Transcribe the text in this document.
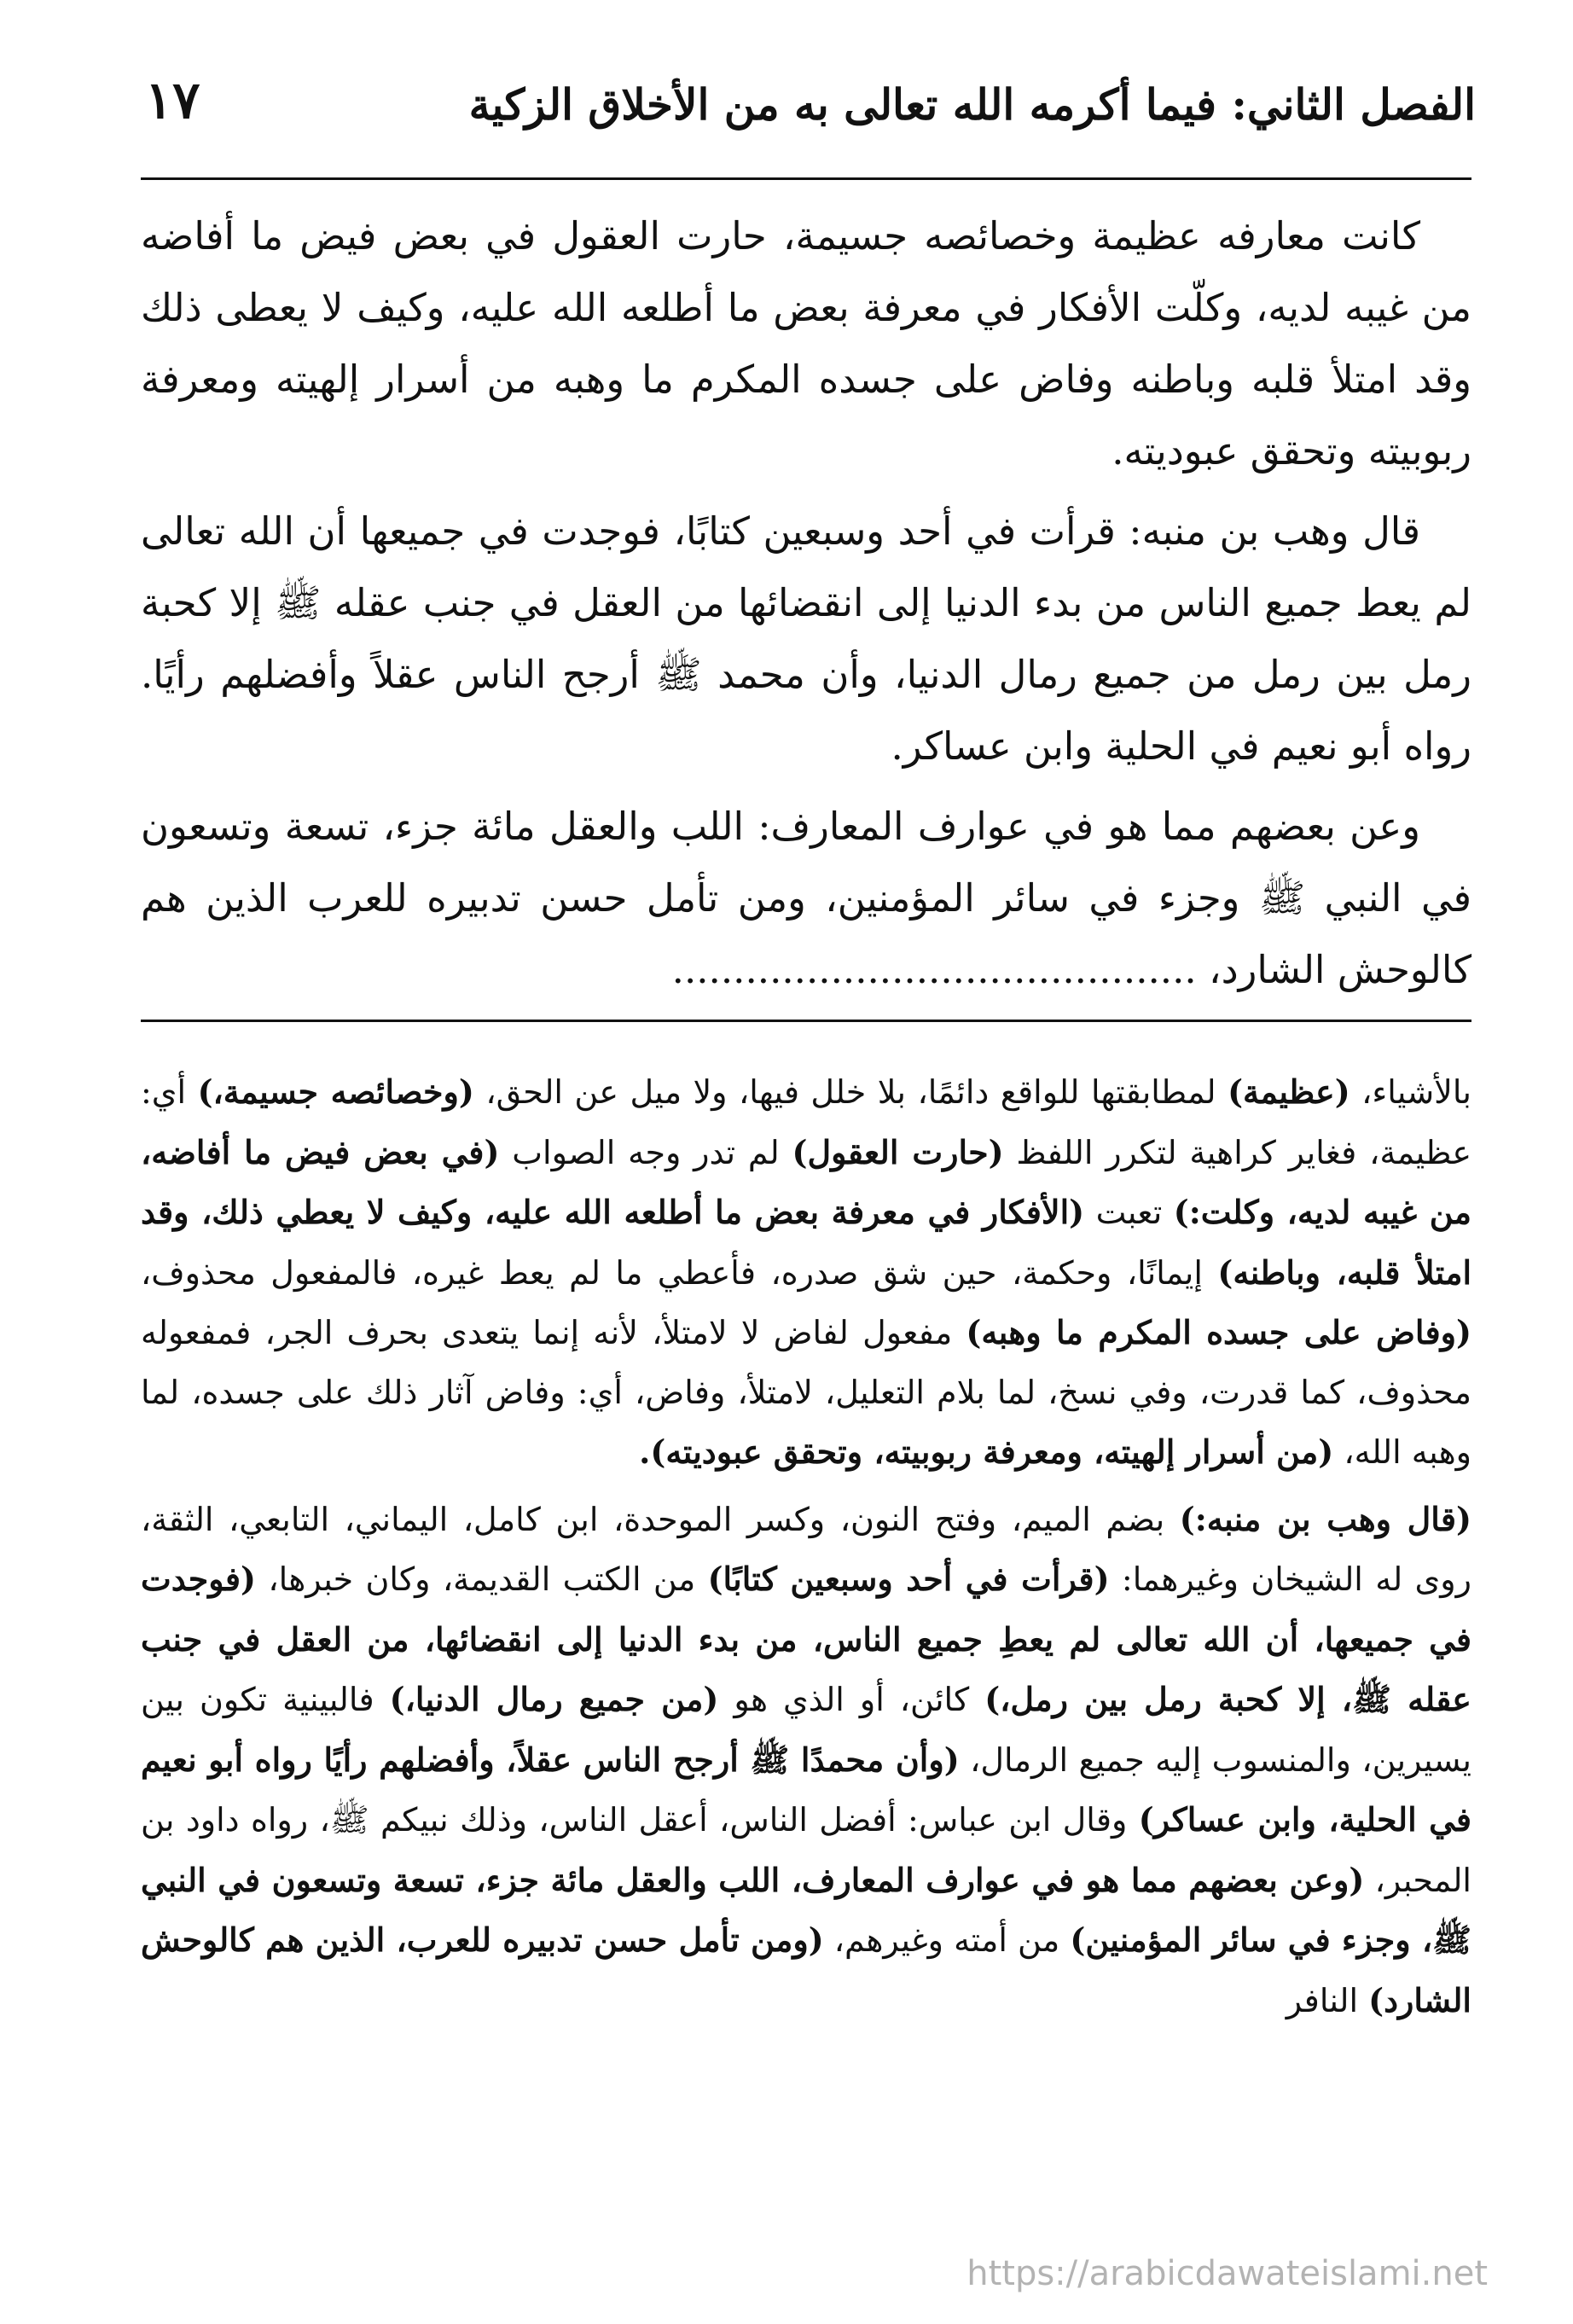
الفصل الثاني: فيما أكرمه الله تعالى به من الأخلاق الزكية
١٧

كانت معارفه عظيمة وخصائصه جسيمة، حارت العقول في بعض فيض ما أفاضه من غيبه لديه، وكلّت الأفكار في معرفة بعض ما أطلعه الله عليه، وكيف لا يعطى ذلك وقد امتلأ قلبه وباطنه وفاض على جسده المكرم ما وهبه من أسرار إلهيته ومعرفة ربوبيته وتحقق عبوديته.

قال وهب بن منبه: قرأت في أحد وسبعين كتابًا، فوجدت في جميعها أن الله تعالى لم يعط جميع الناس من بدء الدنيا إلى انقضائها من العقل في جنب عقله ﷺ إلا كحبة رمل بين رمل من جميع رمال الدنيا، وأن محمد ﷺ أرجح الناس عقلاً وأفضلهم رأيًا. رواه أبو نعيم في الحلية وابن عساكر.

وعن بعضهم مما هو في عوارف المعارف: اللب والعقل مائة جزء، تسعة وتسعون في النبي ﷺ وجزء في سائر المؤمنين، ومن تأمل حسن تدبيره للعرب الذين هم كالوحش الشارد، ...........................................

بالأشياء، (عظيمة) لمطابقتها للواقع دائمًا، بلا خلل فيها، ولا ميل عن الحق، (وخصائصه جسيمة،) أي: عظيمة، فغاير كراهية لتكرر اللفظ (حارت العقول) لم تدر وجه الصواب (في بعض فيض ما أفاضه، من غيبه لديه، وكلت:) تعبت (الأفكار في معرفة بعض ما أطلعه الله عليه، وكيف لا يعطي ذلك، وقد امتلأ قلبه، وباطنه) إيمانًا، وحكمة، حين شق صدره، فأعطي ما لم يعط غيره، فالمفعول محذوف، (وفاض على جسده المكرم ما وهبه) مفعول لفاض لا لامتلأ، لأنه إنما يتعدى بحرف الجر، فمفعوله محذوف، كما قدرت، وفي نسخ، لما بلام التعليل، لامتلأ، وفاض، أي: وفاض آثار ذلك على جسده، لما وهبه الله، (من أسرار إلهيته، ومعرفة ربوبيته، وتحقق عبوديته).

(قال وهب بن منبه:) بضم الميم، وفتح النون، وكسر الموحدة، ابن كامل، اليماني، التابعي، الثقة، روى له الشيخان وغيرهما: (قرأت في أحد وسبعين كتابًا) من الكتب القديمة، وكان خبرها، (فوجدت في جميعها، أن الله تعالى لم يعطِ جميع الناس، من بدء الدنيا إلى انقضائها، من العقل في جنب عقله ﷺ، إلا كحبة رمل بين رمل،) كائن، أو الذي هو (من جميع رمال الدنيا،) فالبينية تكون بين يسيرين، والمنسوب إليه جميع الرمال، (وأن محمدًا ﷺ أرجح الناس عقلاً، وأفضلهم رأيًا رواه أبو نعيم في الحلية، وابن عساكر) وقال ابن عباس: أفضل الناس، أعقل الناس، وذلك نبيكم ﷺ، رواه داود بن المحبر، (وعن بعضهم مما هو في عوارف المعارف، اللب والعقل مائة جزء، تسعة وتسعون في النبي ﷺ، وجزء في سائر المؤمنين) من أمته وغيرهم، (ومن تأمل حسن تدبيره للعرب، الذين هم كالوحش الشارد) النافر

https://arabicdawateislami.net
